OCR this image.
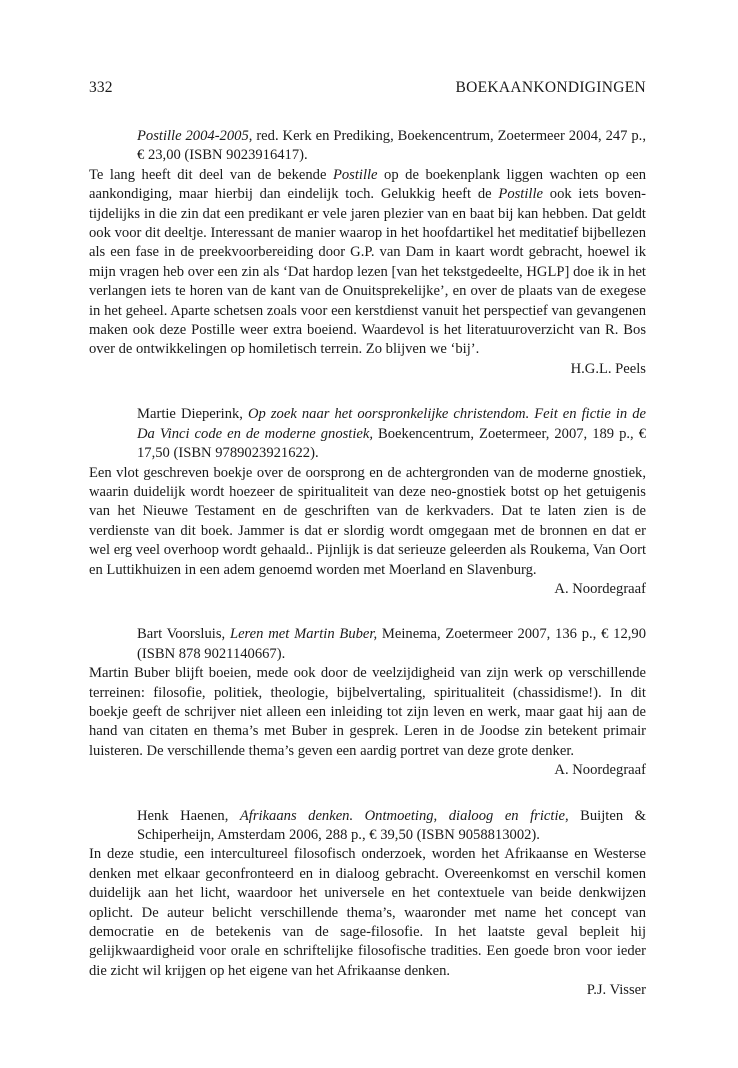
332	BOEKAANKONDIGINGEN

Postille 2004-2005, red. Kerk en Prediking, Boekencentrum, Zoetermeer 2004, 247 p., € 23,00 (ISBN 9023916417).

Te lang heeft dit deel van de bekende Postille op de boekenplank liggen wachten op een aankondiging, maar hierbij dan eindelijk toch. Gelukkig heeft de Postille ook iets boven-tijdelijks in die zin dat een predikant er vele jaren plezier van en baat bij kan hebben. Dat geldt ook voor dit deeltje. Interessant de manier waarop in het hoofdartikel het meditatief bijbellezen als een fase in de preekvoorbereiding door G.P. van Dam in kaart wordt gebracht, hoewel ik mijn vragen heb over een zin als ‘Dat hardop lezen [van het tekstgedeelte, HGLP] doe ik in het verlangen iets te horen van de kant van de Onuitsprekelijke’, en over de plaats van de exegese in het geheel. Aparte schetsen zoals voor een kerstdienst vanuit het perspectief van gevangenen maken ook deze Postille weer extra boeiend. Waardevol is het literatuuroverzicht van R. Bos over de ontwikkelingen op homiletisch terrein. Zo blijven we ‘bij’.

H.G.L. Peels

Martie Dieperink, Op zoek naar het oorspronkelijke christendom. Feit en fictie in de Da Vinci code en de moderne gnostiek, Boekencentrum, Zoetermeer, 2007, 189 p., € 17,50 (ISBN 9789023921622).

Een vlot geschreven boekje over de oorsprong en de achtergronden van de moderne gnostiek, waarin duidelijk wordt hoezeer de spiritualiteit van deze neo-gnostiek botst op het getuigenis van het Nieuwe Testament en de geschriften van de kerkvaders. Dat te laten zien is de verdienste van dit boek. Jammer is dat er slordig wordt omgegaan met de bronnen en dat er wel erg veel overhoop wordt gehaald.. Pijnlijk is dat serieuze geleerden als Roukema, Van Oort en Luttikhuizen in een adem genoemd worden met Moerland en Slavenburg.

A. Noordegraaf

Bart Voorsluis, Leren met Martin Buber, Meinema, Zoetermeer 2007, 136 p., € 12,90 (ISBN 878 9021140667).

Martin Buber blijft boeien, mede ook door de veelzijdigheid van zijn werk op verschillende terreinen: filosofie, politiek, theologie, bijbelvertaling, spiritualiteit (chassidisme!). In dit boekje geeft de schrijver niet alleen een inleiding tot zijn leven en werk, maar gaat hij aan de hand van citaten en thema’s met Buber in gesprek. Leren in de Joodse zin betekent primair luisteren. De verschillende thema’s geven een aardig portret van deze grote denker.

A. Noordegraaf

Henk Haenen, Afrikaans denken. Ontmoeting, dialoog en frictie, Buijten & Schiperheijn, Amsterdam 2006, 288 p., € 39,50 (ISBN 9058813002).

In deze studie, een intercultureel filosofisch onderzoek, worden het Afrikaanse en Westerse denken met elkaar geconfronteerd en in dialoog gebracht. Overeenkomst en verschil komen duidelijk aan het licht, waardoor het universele en het contextuele van beide denkwijzen oplicht. De auteur belicht verschillende thema’s, waaronder met name het concept van democratie en de betekenis van de sage-filosofie. In het laatste geval bepleit hij gelijkwaardigheid voor orale en schriftelijke filosofische tradities. Een goede bron voor ieder die zicht wil krijgen op het eigene van het Afrikaanse denken.

P.J. Visser
